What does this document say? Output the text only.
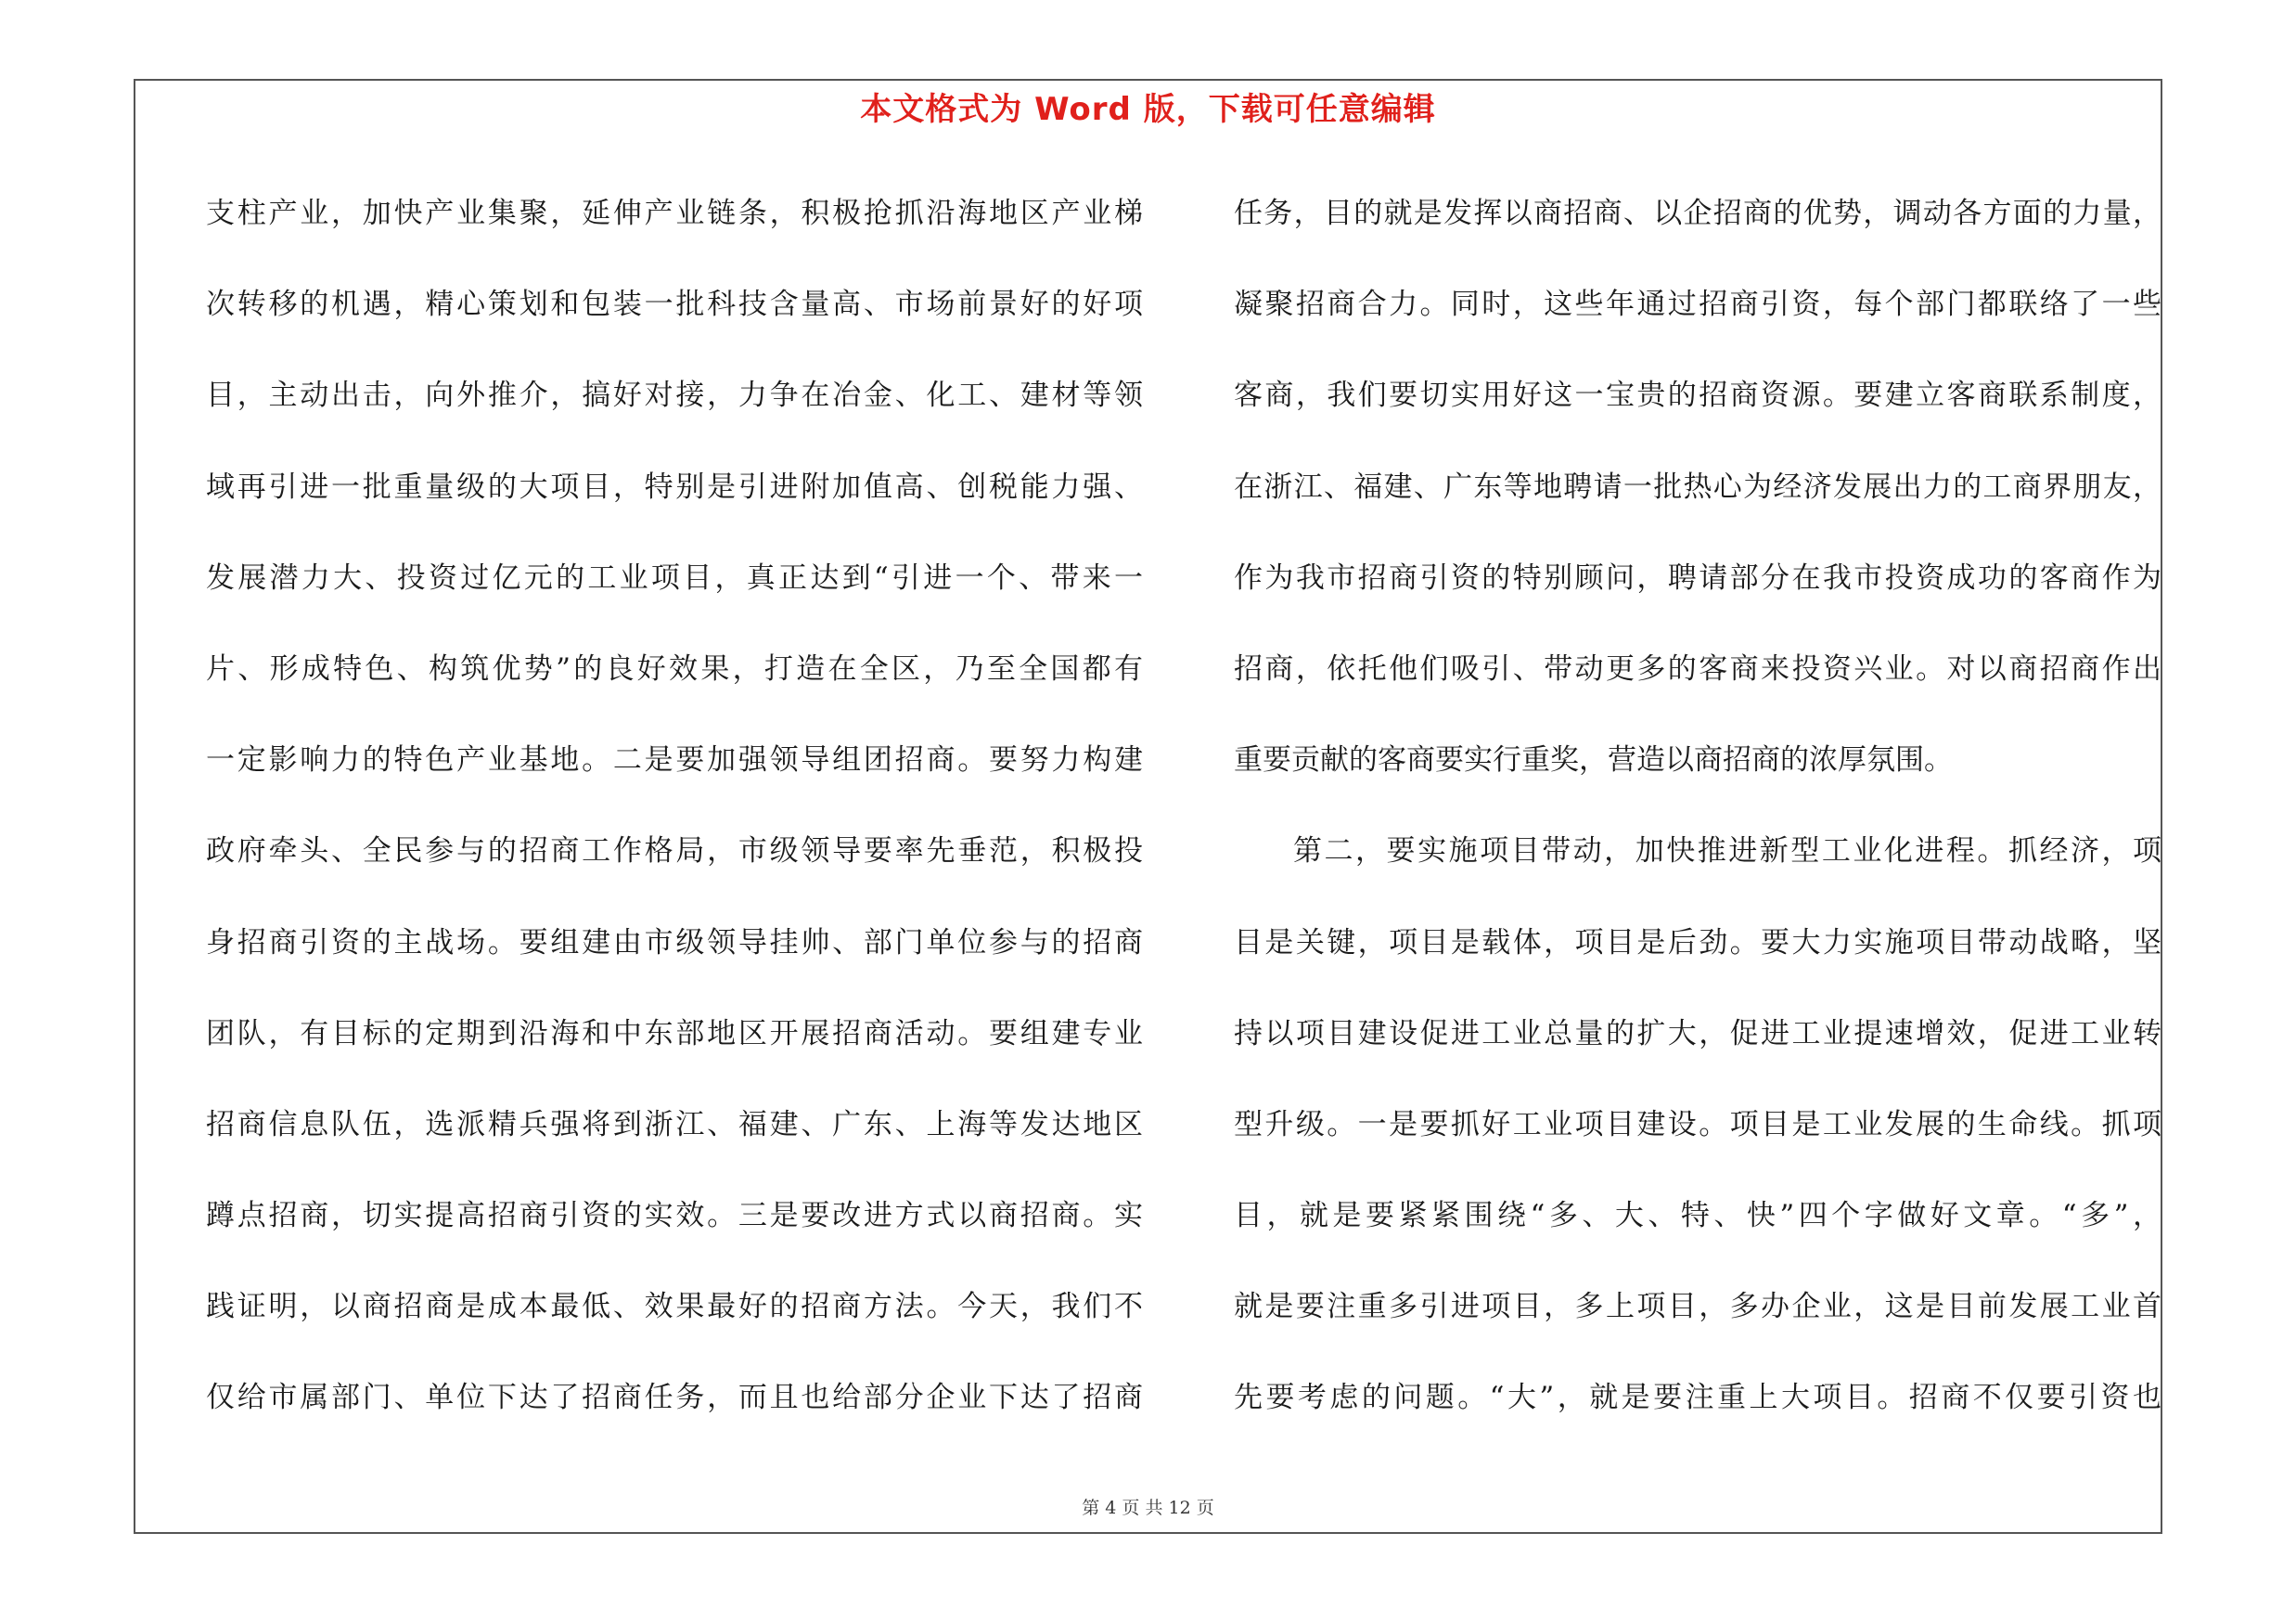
本文格式为 Word 版，下载可任意编辑
支柱产业，加快产业集聚，延伸产业链条，积极抢抓沿海地区产业梯
次转移的机遇，精心策划和包装一批科技含量高、市场前景好的好项
目，主动出击，向外推介，搞好对接，力争在冶金、化工、建材等领
域再引进一批重量级的大项目，特别是引进附加值高、创税能力强、
发展潜力大、投资过亿元的工业项目，真正达到“引进一个、带来一
片、形成特色、构筑优势”的良好效果，打造在全区，乃至全国都有
一定影响力的特色产业基地。二是要加强领导组团招商。要努力构建
政府牵头、全民参与的招商工作格局，市级领导要率先垂范，积极投
身招商引资的主战场。要组建由市级领导挂帅、部门单位参与的招商
团队，有目标的定期到沿海和中东部地区开展招商活动。要组建专业
招商信息队伍，选派精兵强将到浙江、福建、广东、上海等发达地区
蹲点招商，切实提高招商引资的实效。三是要改进方式以商招商。实
践证明，以商招商是成本最低、效果最好的招商方法。今天，我们不
仅给市属部门、单位下达了招商任务，而且也给部分企业下达了招商
任务，目的就是发挥以商招商、以企招商的优势，调动各方面的力量，
凝聚招商合力。同时，这些年通过招商引资，每个部门都联络了一些
客商，我们要切实用好这一宝贵的招商资源。要建立客商联系制度，
在浙江、福建、广东等地聘请一批热心为经济发展出力的工商界朋友，
作为我市招商引资的特别顾问，聘请部分在我市投资成功的客商作为
招商，依托他们吸引、带动更多的客商来投资兴业。对以商招商作出
重要贡献的客商要实行重奖，营造以商招商的浓厚氛围。
第二，要实施项目带动，加快推进新型工业化进程。抓经济，项
目是关键，项目是载体，项目是后劲。要大力实施项目带动战略，坚
持以项目建设促进工业总量的扩大，促进工业提速增效，促进工业转
型升级。一是要抓好工业项目建设。项目是工业发展的生命线。抓项
目，就是要紧紧围绕“多、大、特、快”四个字做好文章。“多”，
就是要注重多引进项目，多上项目，多办企业，这是目前发展工业首
先要考虑的问题。“大”，就是要注重上大项目。招商不仅要引资也
第 4 页 共 12 页
